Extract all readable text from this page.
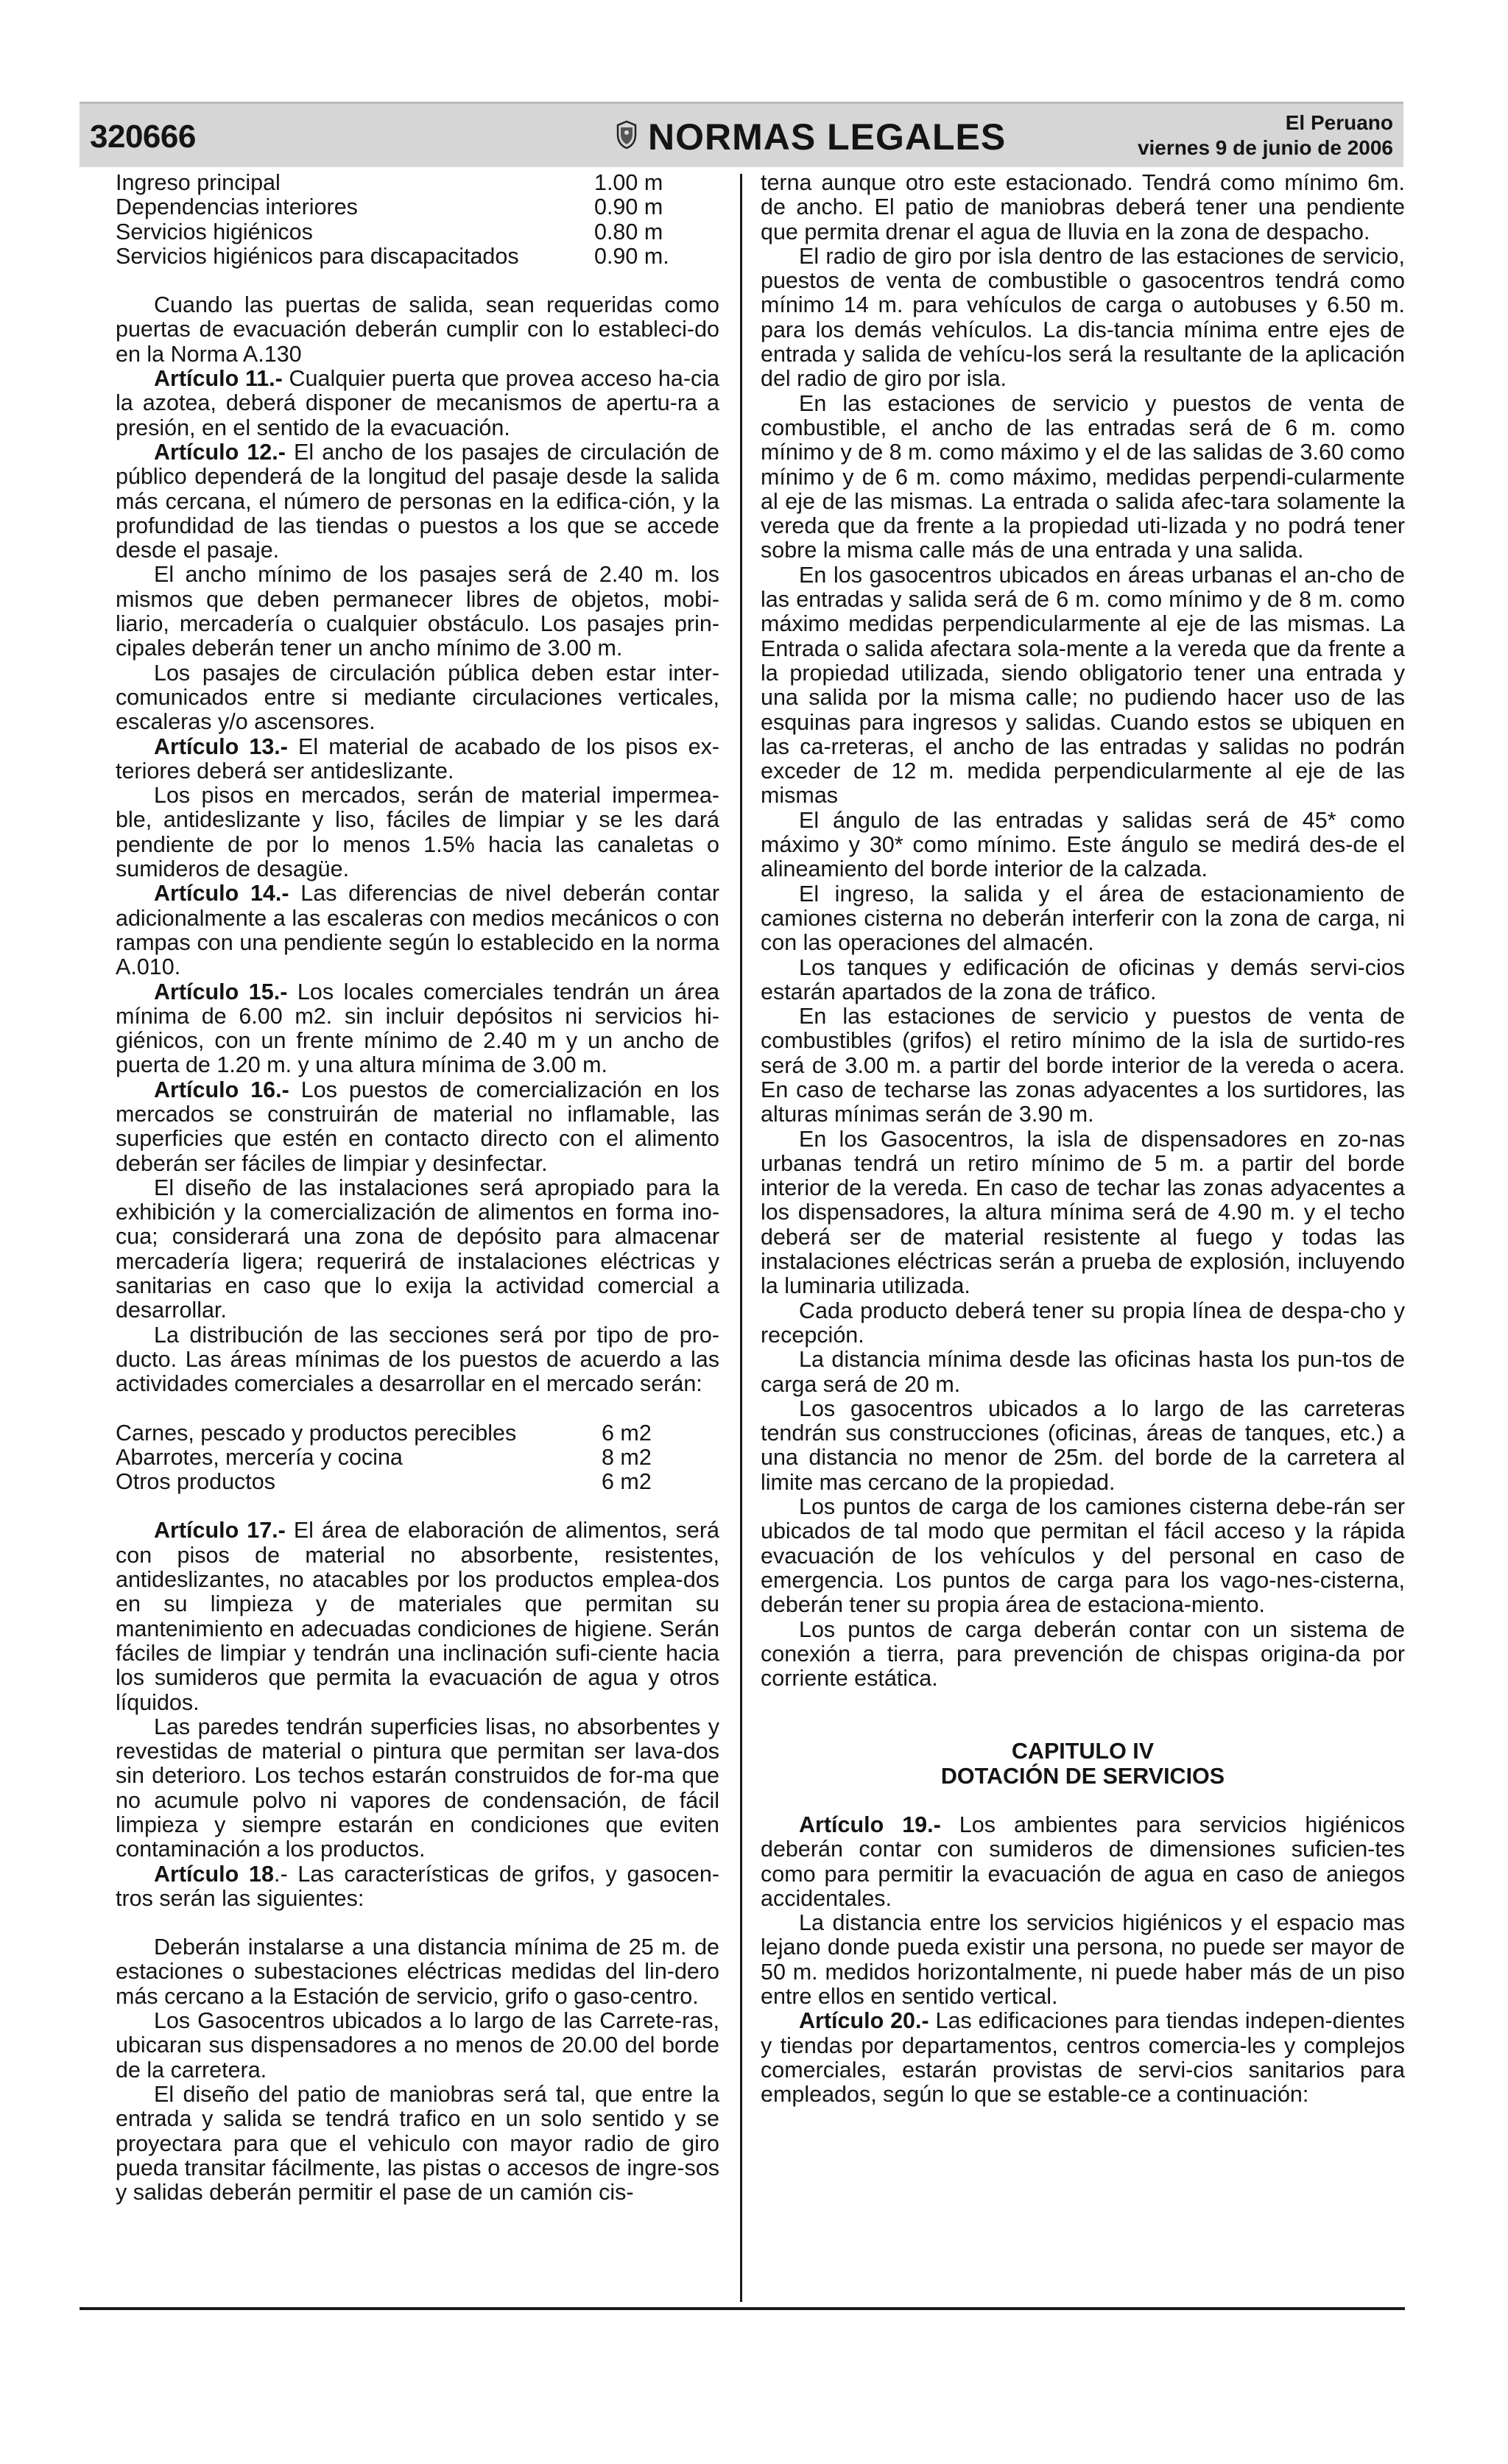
320666	NORMAS LEGALES	El Peruano
viernes 9 de junio de 2006
Ingreso principal	1.00 m
Dependencias interiores	0.90 m
Servicios higiénicos	0.80 m
Servicios higiénicos para discapacitados	0.90 m.

Cuando las puertas de salida, sean requeridas como puertas de evacuación deberán cumplir con lo estableci-do en la Norma A.130

Artículo 11.- Cualquier puerta que provea acceso ha-cia la azotea, deberá disponer de mecanismos de apertu-ra a presión, en el sentido de la evacuación.

Artículo 12.- El ancho de los pasajes de circulación de público dependerá de la longitud del pasaje desde la salida más cercana, el número de personas en la edifica-ción, y la profundidad de las tiendas o puestos a los que se accede desde el pasaje.

El ancho mínimo de los pasajes será de 2.40 m. los mismos que deben permanecer libres de objetos, mobi-liario, mercadería o cualquier obstáculo. Los pasajes prin-cipales deberán tener un ancho mínimo de 3.00 m.

Los pasajes de circulación pública deben estar inter-comunicados entre si mediante circulaciones verticales, escaleras y/o ascensores.

Artículo 13.- El material de acabado de los pisos ex-teriores deberá ser antideslizante.

Los pisos en mercados, serán de material impermea-ble, antideslizante y liso, fáciles de limpiar y se les dará pendiente de por lo menos 1.5% hacia las canaletas o sumideros de desagüe.

Artículo 14.- Las diferencias de nivel deberán contar adicionalmente a las escaleras con medios mecánicos o con rampas con una pendiente según lo establecido en la norma A.010.

Artículo 15.- Los locales comerciales tendrán un área mínima de 6.00 m2. sin incluir depósitos ni servicios hi-giénicos, con un frente mínimo de 2.40 m y un ancho de puerta de 1.20 m. y una altura mínima de 3.00 m.

Artículo 16.- Los puestos de comercialización en los mercados se construirán de material no inflamable, las superficies que estén en contacto directo con el alimento deberán ser fáciles de limpiar y desinfectar.

El diseño de las instalaciones será apropiado para la exhibición y la comercialización de alimentos en forma ino-cua; considerará una zona de depósito para almacenar mercadería ligera; requerirá de instalaciones eléctricas y sanitarias en caso que lo exija la actividad comercial a desarrollar.

La distribución de las secciones será por tipo de pro-ducto. Las áreas mínimas de los puestos de acuerdo a las actividades comerciales a desarrollar en el mercado serán:

Carnes, pescado y productos perecibles	6 m2
Abarrotes, mercería y cocina	8 m2
Otros productos	6 m2

Artículo 17.- El área de elaboración de alimentos, será con pisos de material no absorbente, resistentes, antideslizantes, no atacables por los productos emplea-dos en su limpieza y de materiales que permitan su mantenimiento en adecuadas condiciones de higiene. Serán fáciles de limpiar y tendrán una inclinación sufi-ciente hacia los sumideros que permita la evacuación de agua y otros líquidos.

Las paredes tendrán superficies lisas, no absorbentes y revestidas de material o pintura que permitan ser lava-dos sin deterioro. Los techos estarán construidos de for-ma que no acumule polvo ni vapores de condensación, de fácil limpieza y siempre estarán en condiciones que eviten contaminación a los productos.

Artículo 18.- Las características de grifos, y gasocen-tros serán las siguientes:

Deberán instalarse a una distancia mínima de 25 m. de estaciones o subestaciones eléctricas medidas del lin-dero más cercano a la Estación de servicio, grifo o gaso-centro.

Los Gasocentros ubicados a lo largo de las Carrete-ras, ubicaran sus dispensadores a no menos de 20.00 del borde de la carretera.

El diseño del patio de maniobras será tal, que entre la entrada y salida se tendrá trafico en un solo sentido y se proyectara para que el vehiculo con mayor radio de giro pueda transitar fácilmente, las pistas o accesos de ingre-sos y salidas deberán permitir el pase de un camión cis-

terna aunque otro este estacionado. Tendrá como mínimo 6m. de ancho. El patio de maniobras deberá tener una pendiente que permita drenar el agua de lluvia en la zona de despacho.

El radio de giro por isla dentro de las estaciones de servicio, puestos de venta de combustible o gasocentros tendrá como mínimo 14 m. para vehículos de carga o autobuses y 6.50 m. para los demás vehículos. La dis-tancia mínima entre ejes de entrada y salida de vehícu-los será la resultante de la aplicación del radio de giro por isla.

En las estaciones de servicio y puestos de venta de combustible, el ancho de las entradas será de 6 m. como mínimo y de 8 m. como máximo y el de las salidas de 3.60 como mínimo y de 6 m. como máximo, medidas perpendi-cularmente al eje de las mismas. La entrada o salida afec-tara solamente la vereda que da frente a la propiedad uti-lizada y no podrá tener sobre la misma calle más de una entrada y una salida.

En los gasocentros ubicados en áreas urbanas el an-cho de las entradas y salida será de 6 m. como mínimo y de 8 m. como máximo medidas perpendicularmente al eje de las mismas. La Entrada o salida afectara sola-mente a la vereda que da frente a la propiedad utilizada, siendo obligatorio tener una entrada y una salida por la misma calle; no pudiendo hacer uso de las esquinas para ingresos y salidas. Cuando estos se ubiquen en las ca-rreteras, el ancho de las entradas y salidas no podrán exceder de 12 m. medida perpendicularmente al eje de las mismas

El ángulo de las entradas y salidas será de 45* como máximo y 30* como mínimo. Este ángulo se medirá des-de el alineamiento del borde interior de la calzada.

El ingreso, la salida y el área de estacionamiento de camiones cisterna no deberán interferir con la zona de carga, ni con las operaciones del almacén.

Los tanques y edificación de oficinas y demás servi-cios estarán apartados de la zona de tráfico.

En las estaciones de servicio y puestos de venta de combustibles (grifos) el retiro mínimo de la isla de surtido-res será de 3.00 m. a partir del borde interior de la vereda o acera. En caso de techarse las zonas adyacentes a los surtidores, las alturas mínimas serán de 3.90 m.

En los Gasocentros, la isla de dispensadores en zo-nas urbanas tendrá un retiro mínimo de 5 m. a partir del borde interior de la vereda. En caso de techar las zonas adyacentes a los dispensadores, la altura mínima será de 4.90 m. y el techo deberá ser de material resistente al fuego y todas las instalaciones eléctricas serán a prueba de explosión, incluyendo la luminaria utilizada.

Cada producto deberá tener su propia línea de despa-cho y recepción.

La distancia mínima desde las oficinas hasta los pun-tos de carga será de 20 m.

Los gasocentros ubicados a lo largo de las carreteras tendrán sus construcciones (oficinas, áreas de tanques, etc.) a una distancia no menor de 25m. del borde de la carretera al limite mas cercano de la propiedad.

Los puntos de carga de los camiones cisterna debe-rán ser ubicados de tal modo que permitan el fácil acceso y la rápida evacuación de los vehículos y del personal en caso de emergencia. Los puntos de carga para los vago-nes-cisterna, deberán tener su propia área de estaciona-miento.

Los puntos de carga deberán contar con un sistema de conexión a tierra, para prevención de chispas origina-da por corriente estática.

CAPITULO IV

DOTACIÓN DE SERVICIOS

Artículo 19.- Los ambientes para servicios higiénicos deberán contar con sumideros de dimensiones suficien-tes como para permitir la evacuación de agua en caso de aniegos accidentales.

La distancia entre los servicios higiénicos y el espacio mas lejano donde pueda existir una persona, no puede ser mayor de 50 m. medidos horizontalmente, ni puede haber más de un piso entre ellos en sentido vertical.

Artículo 20.- Las edificaciones para tiendas indepen-dientes y tiendas por departamentos, centros comercia-les y complejos comerciales, estarán provistas de servi-cios sanitarios para empleados, según lo que se estable-ce a continuación:
